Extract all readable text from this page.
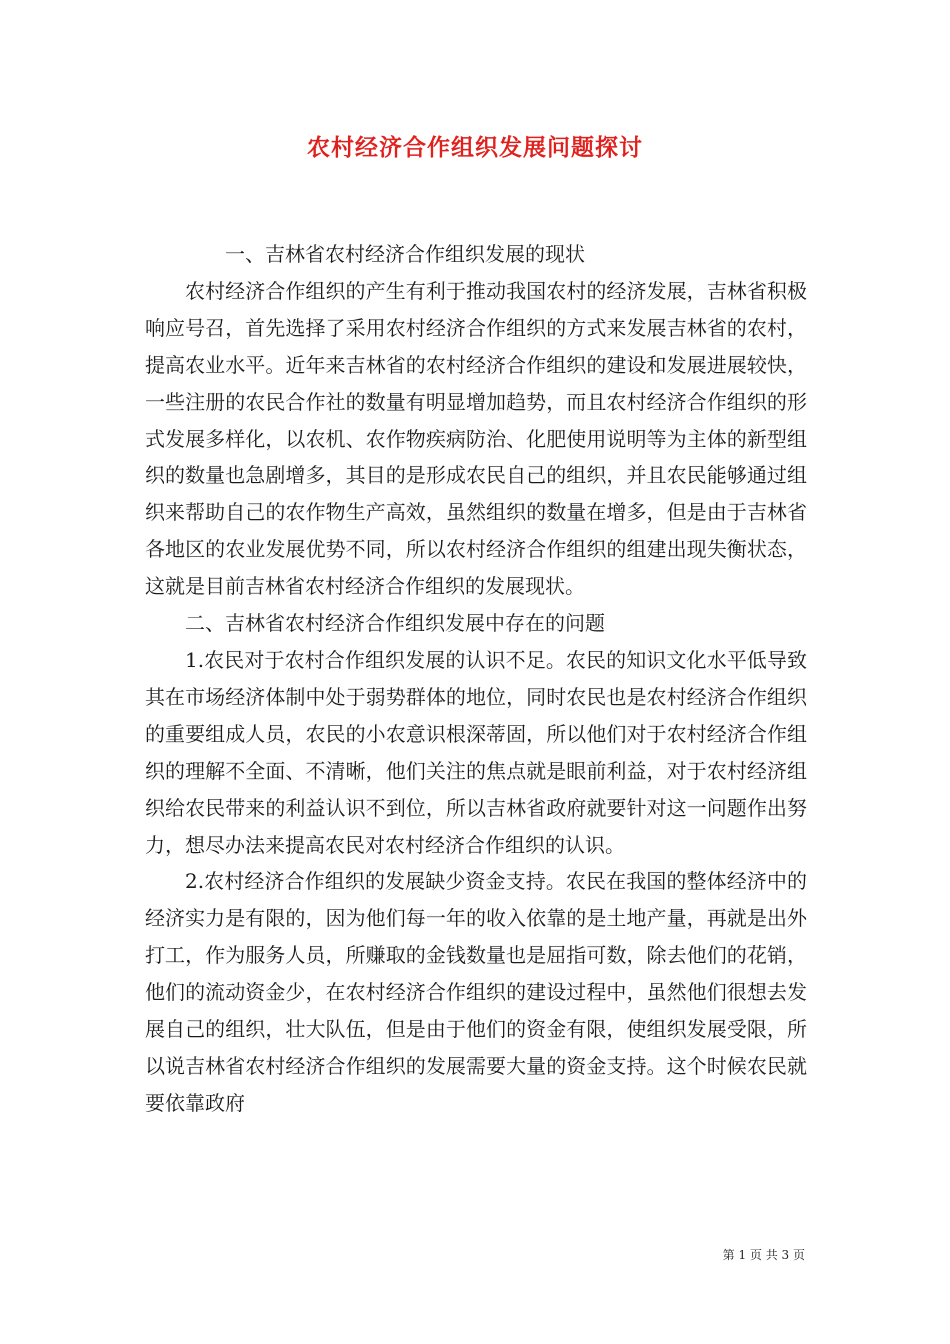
农村经济合作组织发展问题探讨

一、吉林省农村经济合作组织发展的现状

农村经济合作组织的产生有利于推动我国农村的经济发展，吉林省积极响应号召，首先选择了采用农村经济合作组织的方式来发展吉林省的农村，提高农业水平。近年来吉林省的农村经济合作组织的建设和发展进展较快，一些注册的农民合作社的数量有明显增加趋势，而且农村经济合作组织的形式发展多样化，以农机、农作物疾病防治、化肥使用说明等为主体的新型组织的数量也急剧增多，其目的是形成农民自己的组织，并且农民能够通过组织来帮助自己的农作物生产高效，虽然组织的数量在增多，但是由于吉林省各地区的农业发展优势不同，所以农村经济合作组织的组建出现失衡状态，这就是目前吉林省农村经济合作组织的发展现状。

二、吉林省农村经济合作组织发展中存在的问题

1.农民对于农村合作组织发展的认识不足。农民的知识文化水平低导致其在市场经济体制中处于弱势群体的地位，同时农民也是农村经济合作组织的重要组成人员，农民的小农意识根深蒂固，所以他们对于农村经济合作组织的理解不全面、不清晰，他们关注的焦点就是眼前利益，对于农村经济组织给农民带来的利益认识不到位，所以吉林省政府就要针对这一问题作出努力，想尽办法来提高农民对农村经济合作组织的认识。

2.农村经济合作组织的发展缺少资金支持。农民在我国的整体经济中的经济实力是有限的，因为他们每一年的收入依靠的是土地产量，再就是出外打工，作为服务人员，所赚取的金钱数量也是屈指可数，除去他们的花销，他们的流动资金少，在农村经济合作组织的建设过程中，虽然他们很想去发展自己的组织，壮大队伍，但是由于他们的资金有限，使组织发展受限，所以说吉林省农村经济合作组织的发展需要大量的资金支持。这个时候农民就要依靠政府

第 1 页 共 3 页
